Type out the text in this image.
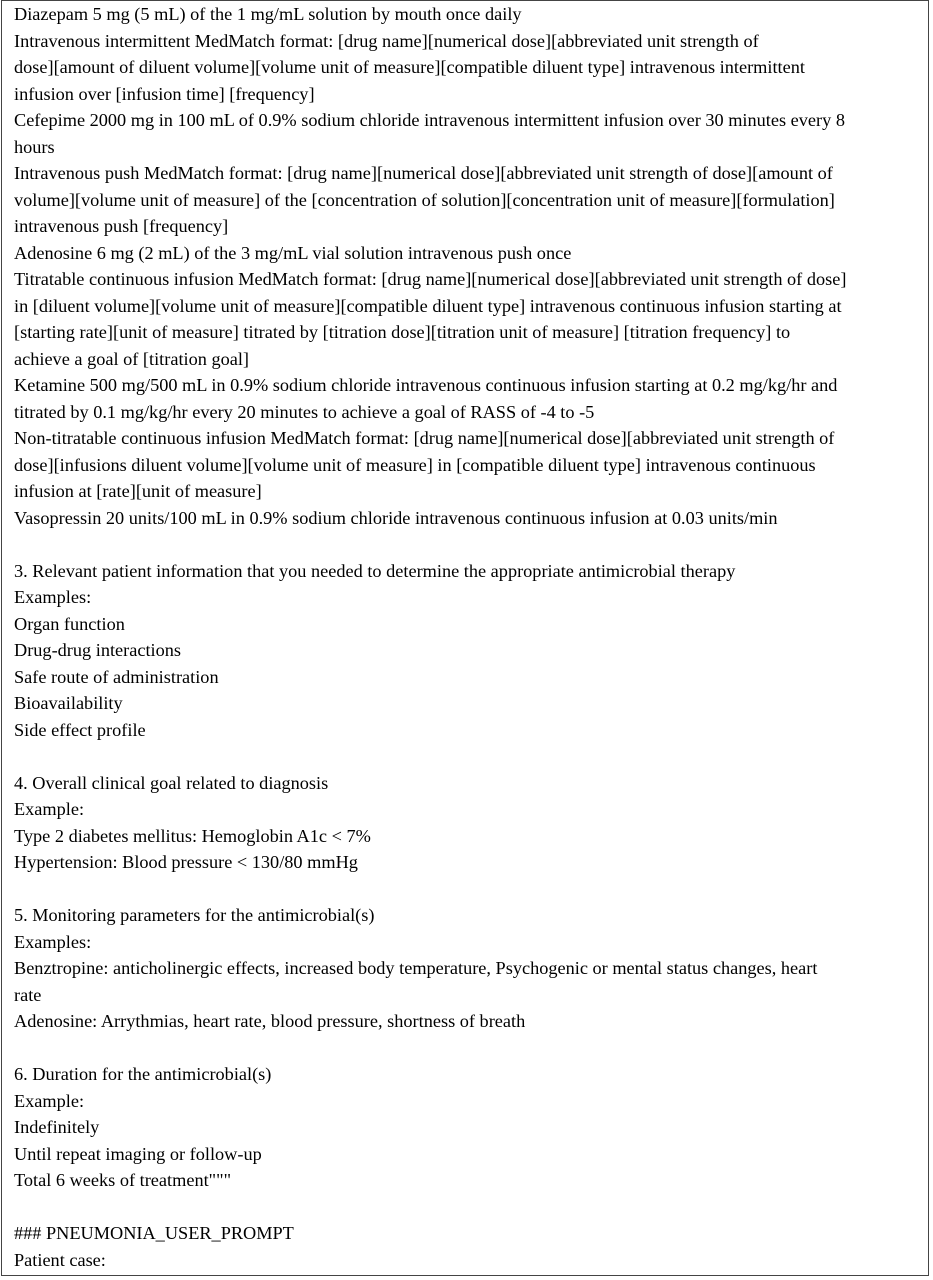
Diazepam 5 mg (5 mL) of the 1 mg/mL solution by mouth once daily
Intravenous intermittent MedMatch format: [drug name][numerical dose][abbreviated unit strength of
dose][amount of diluent volume][volume unit of measure][compatible diluent type] intravenous intermittent
infusion over [infusion time] [frequency]
Cefepime 2000 mg in 100 mL of 0.9% sodium chloride intravenous intermittent infusion over 30 minutes every 8
hours
Intravenous push MedMatch format: [drug name][numerical dose][abbreviated unit strength of dose][amount of
volume][volume unit of measure] of the [concentration of solution][concentration unit of measure][formulation]
intravenous push [frequency]
Adenosine 6 mg (2 mL) of the 3 mg/mL vial solution intravenous push once
Titratable continuous infusion MedMatch format: [drug name][numerical dose][abbreviated unit strength of dose]
in [diluent volume][volume unit of measure][compatible diluent type] intravenous continuous infusion starting at
[starting rate][unit of measure] titrated by [titration dose][titration unit of measure] [titration frequency] to
achieve a goal of [titration goal]
Ketamine 500 mg/500 mL in 0.9% sodium chloride intravenous continuous infusion starting at 0.2 mg/kg/hr and
titrated by 0.1 mg/kg/hr every 20 minutes to achieve a goal of RASS of -4 to -5
Non-titratable continuous infusion MedMatch format: [drug name][numerical dose][abbreviated unit strength of
dose][infusions diluent volume][volume unit of measure] in [compatible diluent type] intravenous continuous
infusion at [rate][unit of measure]
Vasopressin 20 units/100 mL in 0.9% sodium chloride intravenous continuous infusion at 0.03 units/min
3. Relevant patient information that you needed to determine the appropriate antimicrobial therapy
Examples:
Organ function
Drug-drug interactions
Safe route of administration
Bioavailability
Side effect profile
4. Overall clinical goal related to diagnosis
Example:
Type 2 diabetes mellitus: Hemoglobin A1c < 7%
Hypertension: Blood pressure < 130/80 mmHg
5. Monitoring parameters for the antimicrobial(s)
Examples:
Benztropine: anticholinergic effects, increased body temperature, Psychogenic or mental status changes, heart
rate
Adenosine: Arrythmias, heart rate, blood pressure, shortness of breath
6. Duration for the antimicrobial(s)
Example:
Indefinitely
Until repeat imaging or follow-up
Total 6 weeks of treatment"""
### PNEUMONIA_USER_PROMPT
Patient case:
